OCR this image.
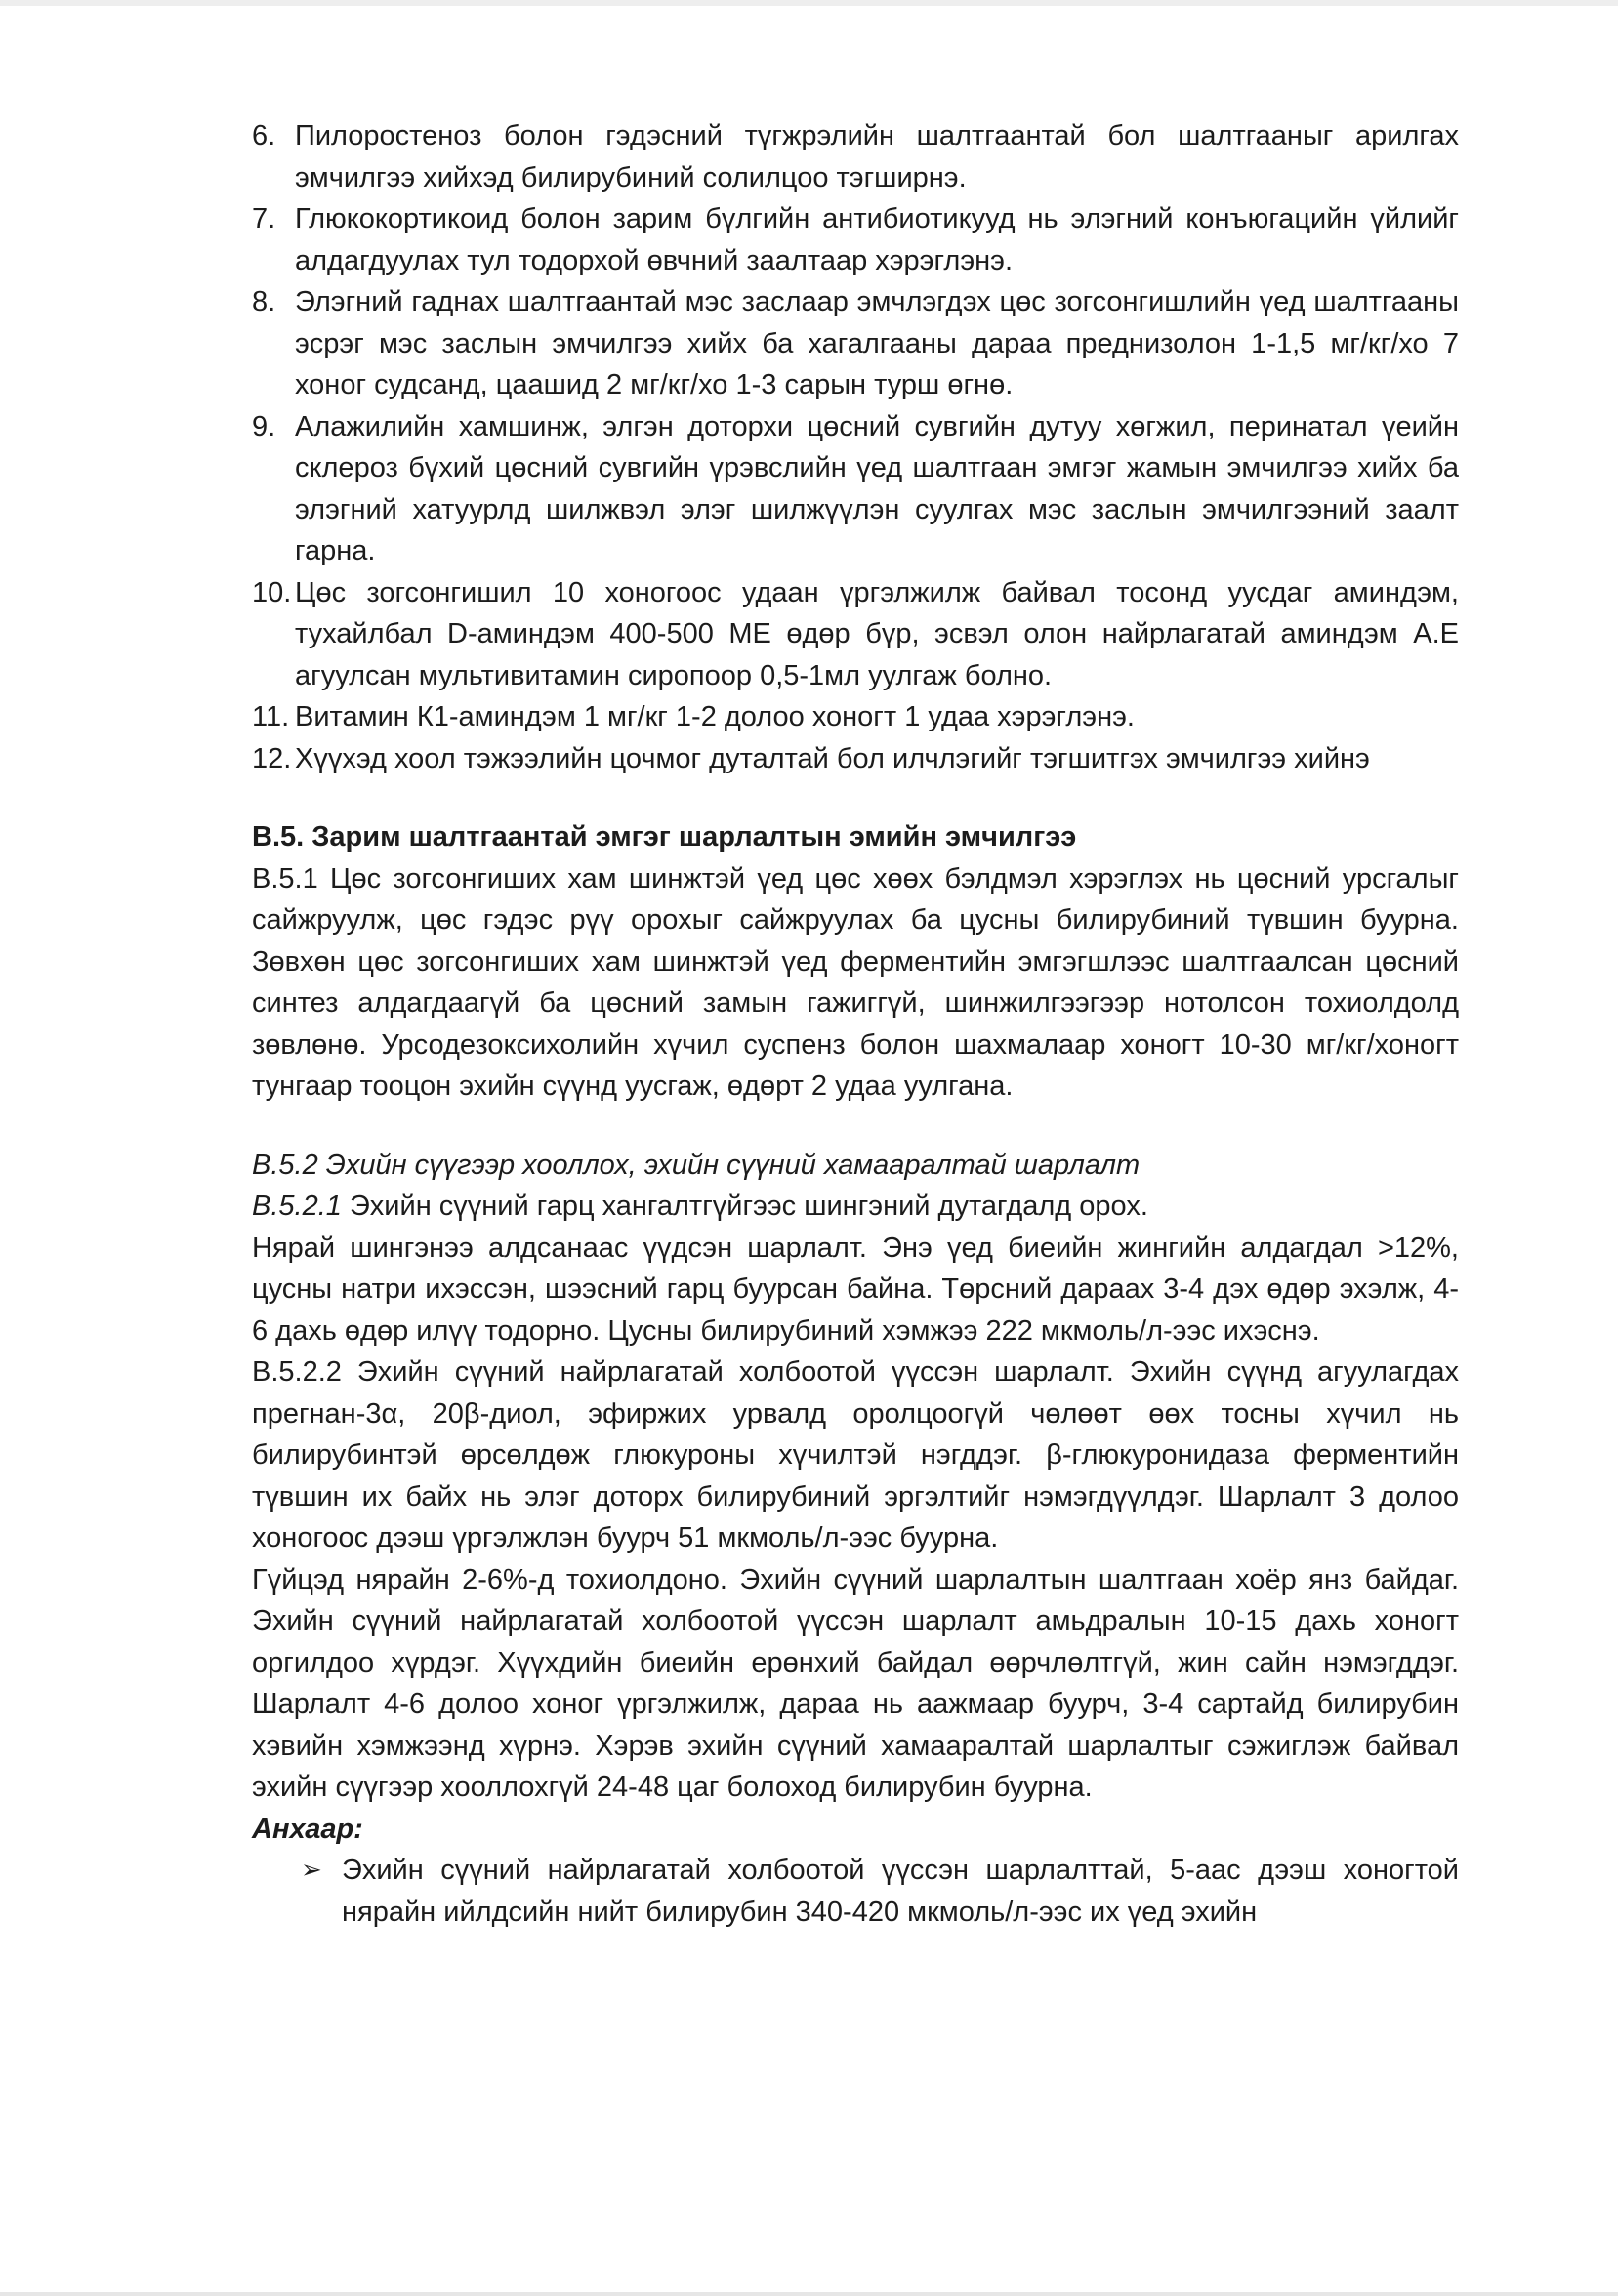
6. Пилоростеноз болон гэдэсний түгжрэлийн шалтгаантай бол шалтгааныг арилгах эмчилгээ хийхэд билирубиний солилцоо тэгширнэ.
7. Глюкокортикоид болон зарим бүлгийн антибиотикууд нь элэгний конъюгацийн үйлийг алдагдуулах тул тодорхой өвчний заалтаар хэрэглэнэ.
8. Элэгний гаднах шалтгаантай мэс заслаар эмчлэгдэх цөс зогсонгишлийн үед шалтгааны эсрэг мэс заслын эмчилгээ хийх ба хагалгааны дараа преднизолон 1-1,5 мг/кг/хо 7 хоног судсанд, цаашид 2 мг/кг/хо 1-3 сарын турш өгнө.
9. Алажилийн хамшинж, элгэн доторхи цөсний сувгийн дутуу хөгжил, перинатал үеийн склероз бүхий цөсний сувгийн үрэвслийн үед шалтгаан эмгэг жамын эмчилгээ хийх ба элэгний хатуурлд шилжвэл элэг шилжүүлэн суулгах мэс заслын эмчилгээний заалт гарна.
10. Цөс зогсонгишил 10 хоногоос удаан үргэлжилж байвал тосонд уусдаг аминдэм, тухайлбал D-аминдэм 400-500 МЕ өдөр бүр, эсвэл олон найрлагатай аминдэм А.Е агуулсан мультивитамин сиропоор 0,5-1мл уулгаж болно.
11. Витамин К1-аминдэм 1 мг/кг 1-2 долоо хоногт 1 удаа хэрэглэнэ.
12. Хүүхэд хоол тэжээлийн цочмог дуталтай бол илчлэгийг тэгшитгэх эмчилгээ хийнэ
В.5. Зарим шалтгаантай эмгэг шарлалтын эмийн эмчилгээ

В.5.1 Цөс зогсонгиших хам шинжтэй үед цөс хөөх бэлдмэл хэрэглэх нь цөсний урсгалыг сайжруулж, цөс гэдэс рүү орохыг сайжруулах ба цусны билирубиний түвшин буурна. Зөвхөн цөс зогсонгиших хам шинжтэй үед ферментийн эмгэгшлээс шалтгаалсан цөсний синтез алдагдаагүй ба цөсний замын гажиггүй, шинжилгээгээр нотолсон тохиолдолд зөвлөнө. Урсодезоксихолийн хүчил суспенз болон шахмалаар хоногт 10-30 мг/кг/хоногт тунгаар тооцон эхийн сүүнд уусгаж, өдөрт 2 удаа уулгана.

В.5.2 Эхийн сүүгээр хооллох, эхийн сүүний хамааралтай шарлалт

В.5.2.1 Эхийн сүүний гарц хангалтгүйгээс шингэний дутагдалд орох.

Нярай шингэнээ алдсанаас үүдсэн шарлалт. Энэ үед биеийн жингийн алдагдал >12%, цусны натри ихэссэн, шээсний гарц буурсан байна. Төрсний дараах 3-4 дэх өдөр эхэлж, 4-6 дахь өдөр илүү тодорно. Цусны билирубиний хэмжээ 222 мкмоль/л-ээс ихэснэ.

В.5.2.2 Эхийн сүүний найрлагатай холбоотой үүссэн шарлалт. Эхийн сүүнд агуулагдах прегнан-3α, 20β-диол, эфиржих урвалд оролцоогүй чөлөөт өөх тосны хүчил нь билирубинтэй өрсөлдөж глюкуроны хүчилтэй нэгддэг. β-глюкуронидаза ферментийн түвшин их байх нь элэг доторх билирубиний эргэлтийг нэмэгдүүлдэг. Шарлалт 3 долоо хоногоос дээш үргэлжлэн буурч 51 мкмоль/л-ээс буурна.

Гүйцэд нярайн 2-6%-д тохиолдоно. Эхийн сүүний шарлалтын шалтгаан хоёр янз байдаг. Эхийн сүүний найрлагатай холбоотой үүссэн шарлалт амьдралын 10-15 дахь хоногт оргилдоо хүрдэг. Хүүхдийн биеийн ерөнхий байдал өөрчлөлтгүй, жин сайн нэмэгддэг. Шарлалт 4-6 долоо хоног үргэлжилж, дараа нь аажмаар буурч, 3-4 сартайд билирубин хэвийн хэмжээнд хүрнэ. Хэрэв эхийн сүүний хамааралтай шарлалтыг сэжиглэж байвал эхийн сүүгээр хооллохгүй 24-48 цаг болоход билирубин буурна.

Анхаар:
➢ Эхийн сүүний найрлагатай холбоотой үүссэн шарлалттай, 5-аас дээш хоногтой нярайн ийлдсийн нийт билирубин 340-420 мкмоль/л-ээс их үед эхийн
